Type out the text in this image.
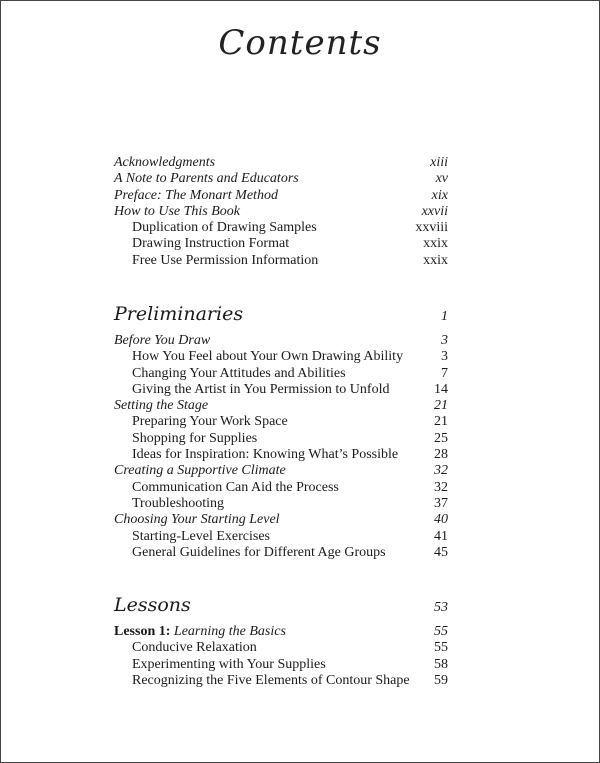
Contents
Acknowledgments	xiii
A Note to Parents and Educators	xv
Preface: The Monart Method	xix
How to Use This Book	xxvii
Duplication of Drawing Samples	xxviii
Drawing Instruction Format	xxix
Free Use Permission Information	xxix
Preliminaries	1
Before You Draw	3
How You Feel about Your Own Drawing Ability	3
Changing Your Attitudes and Abilities	7
Giving the Artist in You Permission to Unfold	14
Setting the Stage	21
Preparing Your Work Space	21
Shopping for Supplies	25
Ideas for Inspiration: Knowing What’s Possible	28
Creating a Supportive Climate	32
Communication Can Aid the Process	32
Troubleshooting	37
Choosing Your Starting Level	40
Starting-Level Exercises	41
General Guidelines for Different Age Groups	45
Lessons	53
Lesson 1: Learning the Basics	55
Conducive Relaxation	55
Experimenting with Your Supplies	58
Recognizing the Five Elements of Contour Shape 59
